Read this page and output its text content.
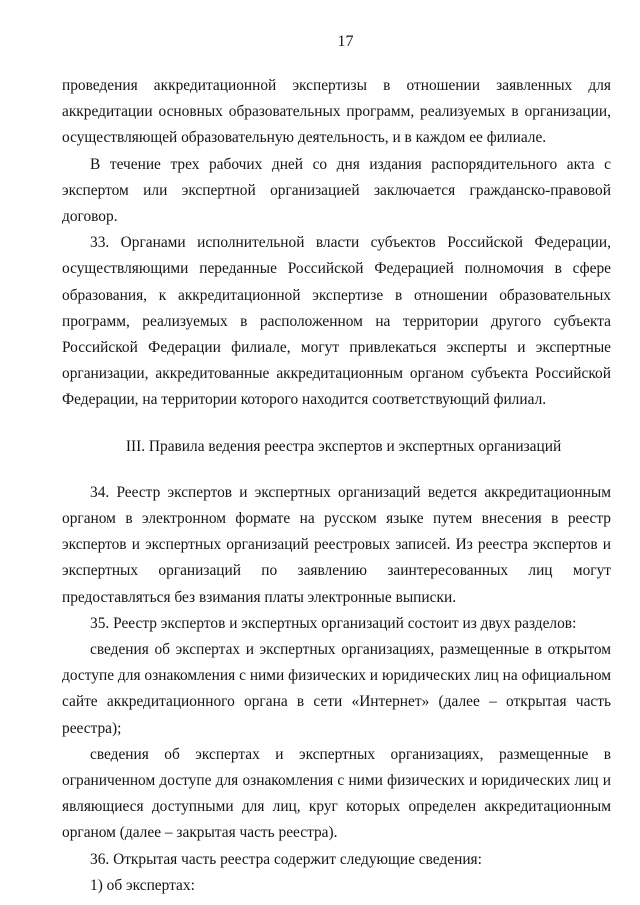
17

проведения аккредитационной экспертизы в отношении заявленных для аккредитации основных образовательных программ, реализуемых в организации, осуществляющей образовательную деятельность, и в каждом ее филиале.

В течение трех рабочих дней со дня издания распорядительного акта с экспертом или экспертной организацией заключается гражданско-правовой договор.

33. Органами исполнительной власти субъектов Российской Федерации, осуществляющими переданные Российской Федерацией полномочия в сфере образования, к аккредитационной экспертизе в отношении образовательных программ, реализуемых в расположенном на территории другого субъекта Российской Федерации филиале, могут привлекаться эксперты и экспертные организации, аккредитованные аккредитационным органом субъекта Российской Федерации, на территории которого находится соответствующий филиал.

III. Правила ведения реестра экспертов и экспертных организаций

34. Реестр экспертов и экспертных организаций ведется аккредитационным органом в электронном формате на русском языке путем внесения в реестр экспертов и экспертных организаций реестровых записей. Из реестра экспертов и экспертных организаций по заявлению заинтересованных лиц могут предоставляться без взимания платы электронные выписки.

35. Реестр экспертов и экспертных организаций состоит из двух разделов:

сведения об экспертах и экспертных организациях, размещенные в открытом доступе для ознакомления с ними физических и юридических лиц на официальном сайте аккредитационного органа в сети «Интернет» (далее – открытая часть реестра);

сведения об экспертах и экспертных организациях, размещенные в ограниченном доступе для ознакомления с ними физических и юридических лиц и являющиеся доступными для лиц, круг которых определен аккредитационным органом (далее – закрытая часть реестра).

36. Открытая часть реестра содержит следующие сведения:

1) об экспертах:
